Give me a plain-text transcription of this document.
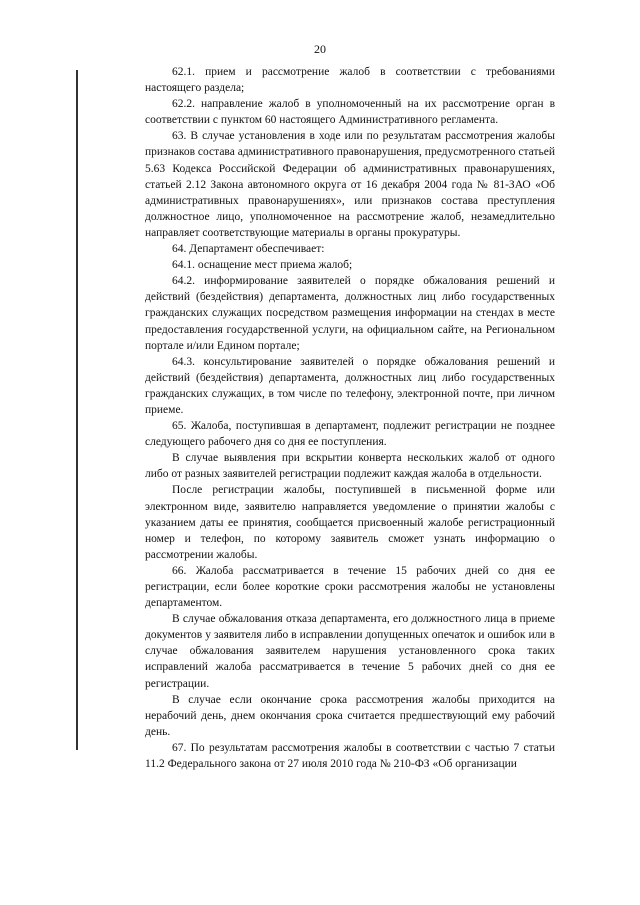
20

62.1. прием и рассмотрение жалоб в соответствии с требованиями настоящего раздела;

62.2. направление жалоб в уполномоченный на их рассмотрение орган в соответствии с пунктом 60 настоящего Административного регламента.

63. В случае установления в ходе или по результатам рассмотрения жалобы признаков состава административного правонарушения, предусмотренного статьей 5.63 Кодекса Российской Федерации об административных правонарушениях, статьей 2.12 Закона автономного округа от 16 декабря 2004 года № 81-ЗАО «Об административных правонарушениях», или признаков состава преступления должностное лицо, уполномоченное на рассмотрение жалоб, незамедлительно направляет соответствующие материалы в органы прокуратуры.

64. Департамент обеспечивает:

64.1. оснащение мест приема жалоб;

64.2. информирование заявителей о порядке обжалования решений и действий (бездействия) департамента, должностных лиц либо государственных гражданских служащих посредством размещения информации на стендах в месте предоставления государственной услуги, на официальном сайте, на Региональном портале и/или Едином портале;

64.3. консультирование заявителей о порядке обжалования решений и действий (бездействия) департамента, должностных лиц либо государственных гражданских служащих, в том числе по телефону, электронной почте, при личном приеме.

65. Жалоба, поступившая в департамент, подлежит регистрации не позднее следующего рабочего дня со дня ее поступления.

В случае выявления при вскрытии конверта нескольких жалоб от одного либо от разных заявителей регистрации подлежит каждая жалоба в отдельности.

После регистрации жалобы, поступившей в письменной форме или электронном виде, заявителю направляется уведомление о принятии жалобы с указанием даты ее принятия, сообщается присвоенный жалобе регистрационный номер и телефон, по которому заявитель сможет узнать информацию о рассмотрении жалобы.

66. Жалоба рассматривается в течение 15 рабочих дней со дня ее регистрации, если более короткие сроки рассмотрения жалобы не установлены департаментом.

В случае обжалования отказа департамента, его должностного лица в приеме документов у заявителя либо в исправлении допущенных опечаток и ошибок или в случае обжалования заявителем нарушения установленного срока таких исправлений жалоба рассматривается в течение 5 рабочих дней со дня ее регистрации.

В случае если окончание срока рассмотрения жалобы приходится на нерабочий день, днем окончания срока считается предшествующий ему рабочий день.

67. По результатам рассмотрения жалобы в соответствии с частью 7 статьи 11.2 Федерального закона от 27 июля 2010 года № 210-ФЗ «Об организации
